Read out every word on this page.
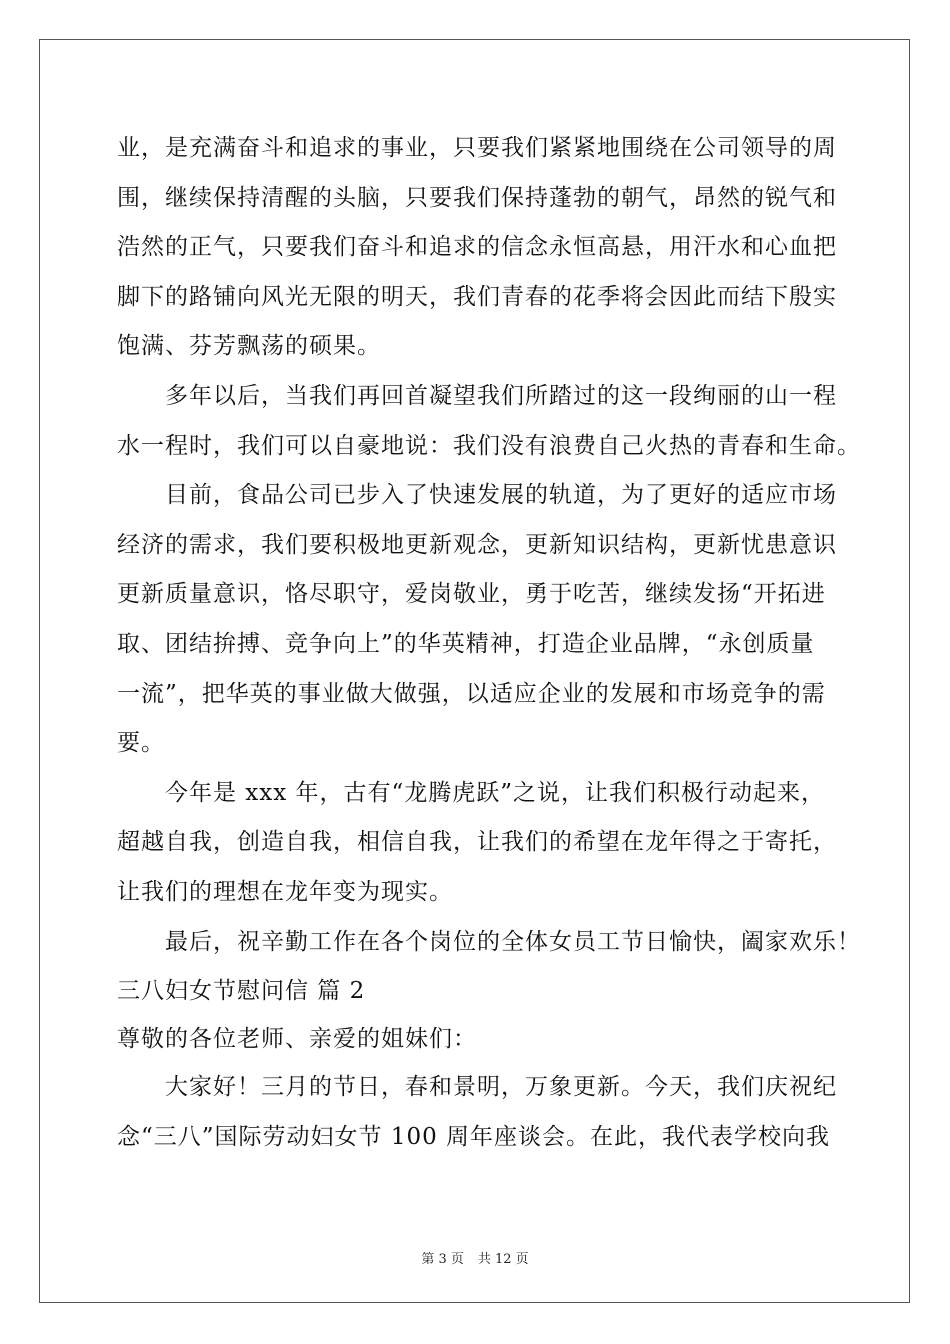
业，是充满奋斗和追求的事业，只要我们紧紧地围绕在公司领导的周
围，继续保持清醒的头脑，只要我们保持蓬勃的朝气，昂然的锐气和
浩然的正气，只要我们奋斗和追求的信念永恒高悬，用汗水和心血把
脚下的路铺向风光无限的明天，我们青春的花季将会因此而结下殷实
饱满、芬芳飘荡的硕果。
多年以后，当我们再回首凝望我们所踏过的这一段绚丽的山一程
水一程时，我们可以自豪地说：我们没有浪费自己火热的青春和生命。
目前，食品公司已步入了快速发展的轨道，为了更好的适应市场
经济的需求，我们要积极地更新观念，更新知识结构，更新忧患意识
更新质量意识，恪尽职守，爱岗敬业，勇于吃苦，继续发扬“开拓进
取、团结拚搏、竞争向上”的华英精神，打造企业品牌，“永创质量
一流”，把华英的事业做大做强，以适应企业的发展和市场竞争的需
要。
今年是 xxx 年，古有“龙腾虎跃”之说，让我们积极行动起来，
超越自我，创造自我，相信自我，让我们的希望在龙年得之于寄托，
让我们的理想在龙年变为现实。
最后，祝辛勤工作在各个岗位的全体女员工节日愉快，阖家欢乐！
三八妇女节慰问信 篇 2
尊敬的各位老师、亲爱的姐妹们：
大家好！三月的节日，春和景明，万象更新。今天，我们庆祝纪
念“三八”国际劳动妇女节 100 周年座谈会。在此，我代表学校向我
第 3 页 共 12 页
